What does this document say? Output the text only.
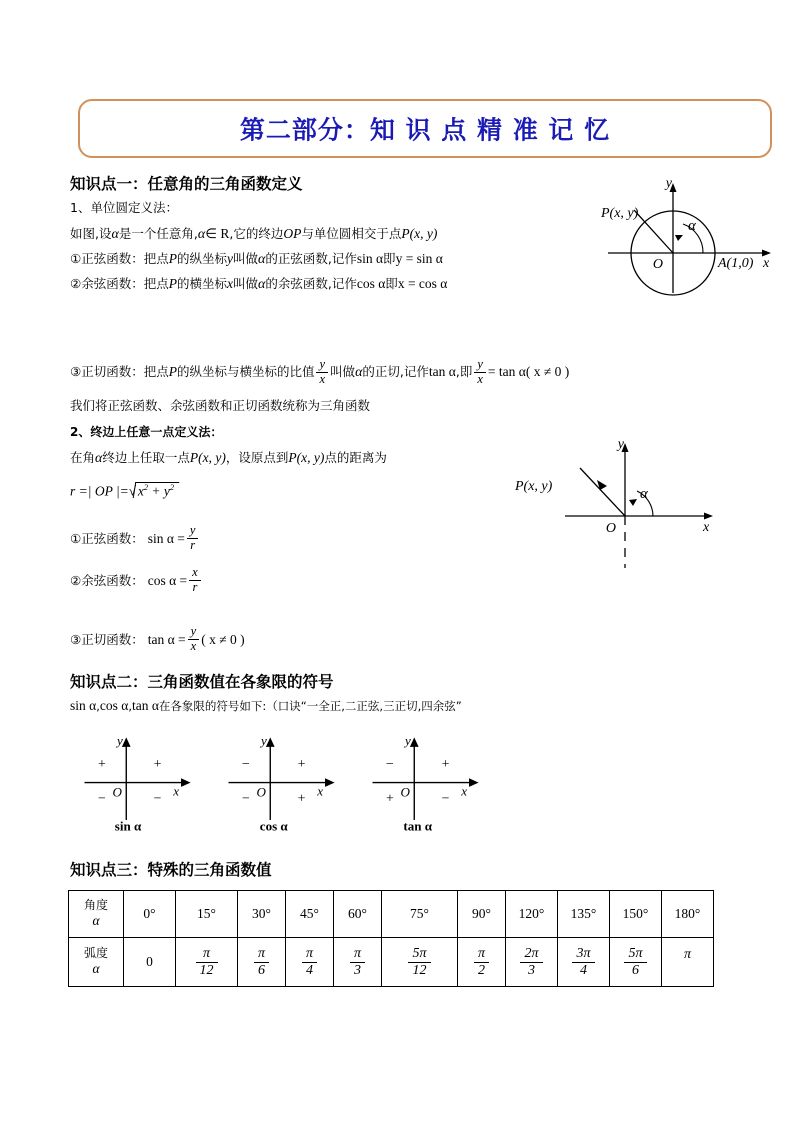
第二部分：知 识 点 精 准 记 忆
知识点一：任意角的三角函数定义
1、单位圆定义法：
如图,设α是一个任意角,α∈ R,它的终边OP与单位圆相交于点P(x, y)
①正弦函数：把点P的纵坐标y叫做α的正弦函数,记作sin α即y = sin α
②余弦函数：把点P的横坐标x叫做α的余弦函数,记作cos α即x = cos α
③正切函数：把点P的纵坐标与横坐标的比值 $\frac{y}{x}$ 叫做α的正切,记作tan α,即 $\frac{y}{x} = \tan \alpha$( x ≠ 0 )
我们将正弦函数、余弦函数和正切函数统称为三角函数
2、终边上任意一点定义法：
在角α终边上任取一点P(x, y)，设原点到P(x, y)点的距离为
r =| OP |=√ $x^2 + y^2$
①正弦函数： $\sin \alpha = \frac{y}{r}$
②余弦函数： $\cos \alpha = \frac{x}{r}$
③正切函数： $\tan \alpha = \frac{y}{x}$ ( x ≠ 0 )
y
x
O
P(x, y)
α
A(1,0)
y
x
O
P(x, y)	α
知识点二：三角函数值在各象限的符号
sin α,cos α,tan α在各象限的符号如下:（口诀“一全正,二正弦,三正切,四余弦”
y
x
O
+	+
−	−
sin α
y
x
O
−	+
−	+
cos α
y
x
O
−	+
+	−
tan α
知识点三：特殊的三角函数值
角度
α	0°	15°	30°	45°	60°	75°	90°	120°	135°	150°	180°
弧度
α	0	$\frac{\pi}{12}$	$\frac{\pi}{6}$	$\frac{\pi}{4}$	$\frac{\pi}{3}$	$\frac{5\pi}{12}$	$\frac{\pi}{2}$	$\frac{2\pi}{3}$	$\frac{3\pi}{4}$	$\frac{5\pi}{6}$	π
